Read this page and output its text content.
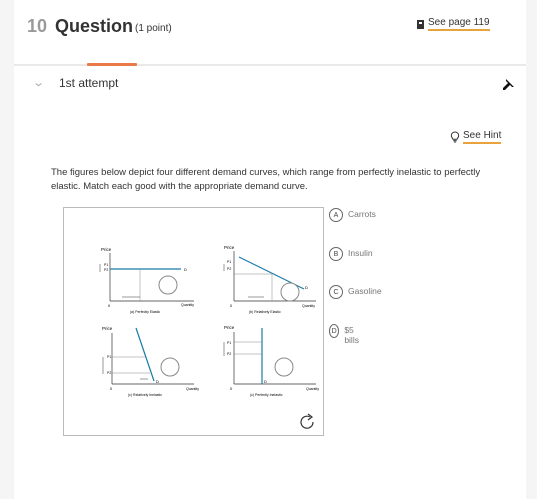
10 Question (1 point)
See page 119
⌄ 1st attempt
See Hint

The figures below depict four different demand curves, which range from perfectly inelastic to perfectly elastic. Match each good with the appropriate demand curve.

Price
D
P1
P2
0	Quantity
(a) Perfectly Elastic
Price
D
P1
P2
0	Quantity
(b) Relatively Elastic
Price
D
P1
P2
0	Quantity
(c) Relatively Inelastic
Price
D
P1
P2
0	Quantity
(c) Perfectly Inelastic
A	Carrots
B	Insulin
C	Gasoline
D $5 bills
